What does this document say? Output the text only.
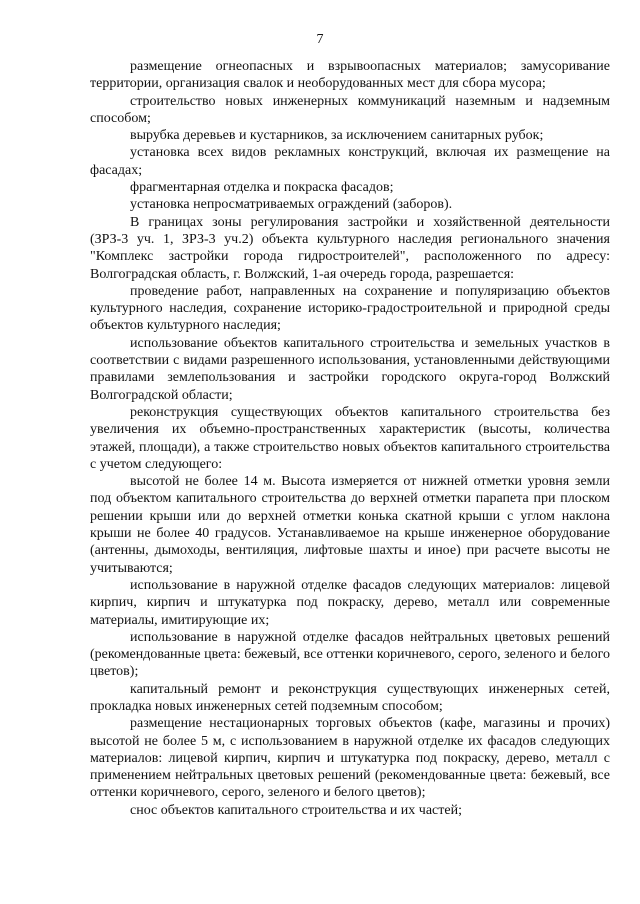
7

размещение огнеопасных и взрывоопасных материалов; замусоривание территории, организация свалок и необорудованных мест для сбора мусора;

строительство новых инженерных коммуникаций наземным и надземным способом;

вырубка деревьев и кустарников, за исключением санитарных рубок;

установка всех видов рекламных конструкций, включая их размещение на фасадах;

фрагментарная отделка и покраска фасадов;

установка непросматриваемых ограждений (заборов).

В границах зоны регулирования застройки и хозяйственной деятельности (ЗРЗ-3 уч. 1, ЗРЗ-3 уч.2) объекта культурного наследия регионального значения "Комплекс застройки города гидростроителей", расположенного по адресу: Волгоградская область, г. Волжский, 1-ая очередь города, разрешается:

проведение работ, направленных на сохранение и популяризацию объектов культурного наследия, сохранение историко-градостроительной и природной среды объектов культурного наследия;

использование объектов капитального строительства и земельных участков в соответствии с видами разрешенного использования, установленными действующими правилами землепользования и застройки городского округа-город Волжский Волгоградской области;

реконструкция существующих объектов капитального строительства без увеличения их объемно-пространственных характеристик (высоты, количества этажей, площади), а также строительство новых объектов капитального строительства с учетом следующего:

высотой не более 14 м. Высота измеряется от нижней отметки уровня земли под объектом капитального строительства до верхней отметки парапета при плоском решении крыши или до верхней отметки конька скатной крыши с углом наклона крыши не более 40 градусов. Устанавливаемое на крыше инженерное оборудование (антенны, дымоходы, вентиляция, лифтовые шахты и иное) при расчете высоты не учитываются;

использование в наружной отделке фасадов следующих материалов: лицевой кирпич, кирпич и штукатурка под покраску, дерево, металл или современные материалы, имитирующие их;

использование в наружной отделке фасадов нейтральных цветовых решений (рекомендованные цвета: бежевый, все оттенки коричневого, серого, зеленого и белого цветов);

капитальный ремонт и реконструкция существующих инженерных сетей, прокладка новых инженерных сетей подземным способом;

размещение нестационарных торговых объектов (кафе, магазины и прочих) высотой не более 5 м, с использованием в наружной отделке их фасадов следующих материалов: лицевой кирпич, кирпич и штукатурка под покраску, дерево, металл с применением нейтральных цветовых решений (рекомендованные цвета: бежевый, все оттенки коричневого, серого, зеленого и белого цветов);

снос объектов капитального строительства и их частей;
